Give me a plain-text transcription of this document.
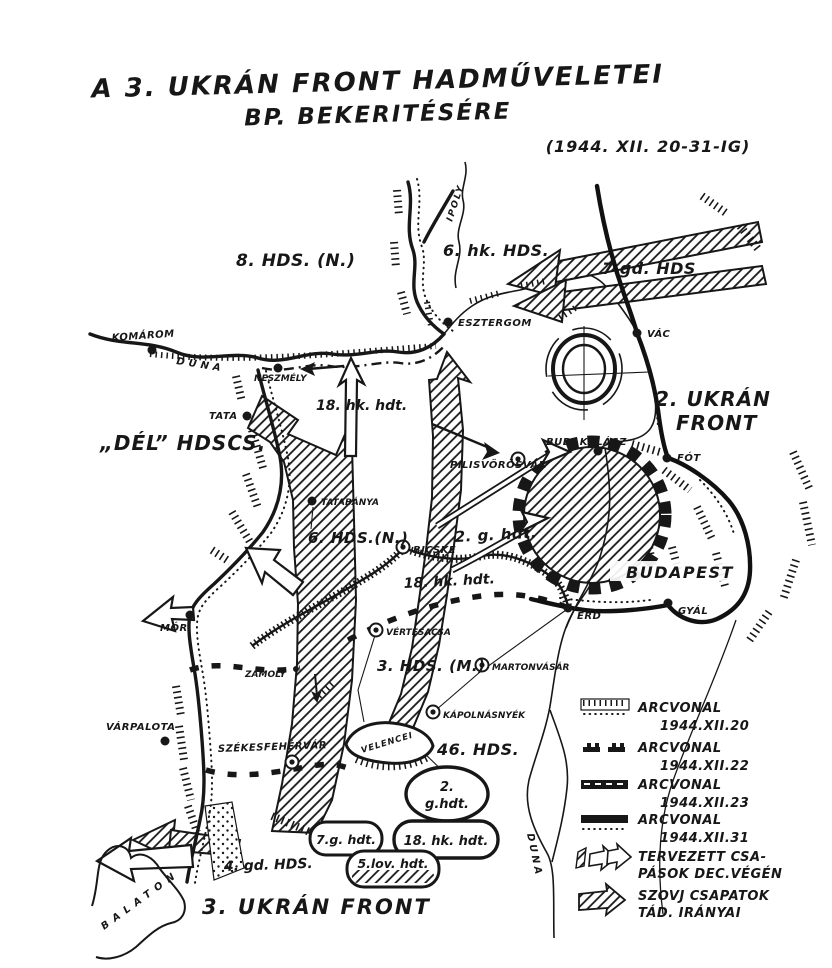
A 3. UKRÁN FRONT HADMŰVELETEI
BP. BEKERITÉSÉRE
(1944. XII. 20-31-IG)
DUNA
DUNA
IPOLY
VELENCEI
BALATON
KOMÁROM
NESZMÉLY
TATA
ESZTERGOM
VÁC
TATABÁNYA
PILISVÖRÖSVÁR
BUDAKALÁSZ
FÓT
BICSKE
BUDAPEST
ÉRD	GYÁL
MÓR
ZÁMOLY
VÉRTESACSA
MARTONVÁSÁR
VÁRPALOTA
SZÉKESFEHÉRVÁR
KÁPOLNÁSNYÉK
8. HDS. (N.)
6. hk. HDS.
7 gd. HDS
2. UKRÁN
FRONT
„DÉL” HDSCS.
18. hk. hdt.
6. HDS.(N.)	2. g. hdt.
18. hk. hdt.
3. HDS. (M.)
46. HDS.
4. gd. HDS.
3. UKRÁN FRONT
2.
g.hdt.
18. hk. hdt.
7.g. hdt.
5.lov. hdt.
ARCVONAL
1944.XII.20
ARCVONAL
1944.XII.22
ARCVONAL
1944.XII.23
ARCVONAL
1944.XII.31
TERVEZETT CSA-
PÁSOK DEC.VÉGÉN
SZOVJ CSAPATOK
TÁD. IRÁNYAI
